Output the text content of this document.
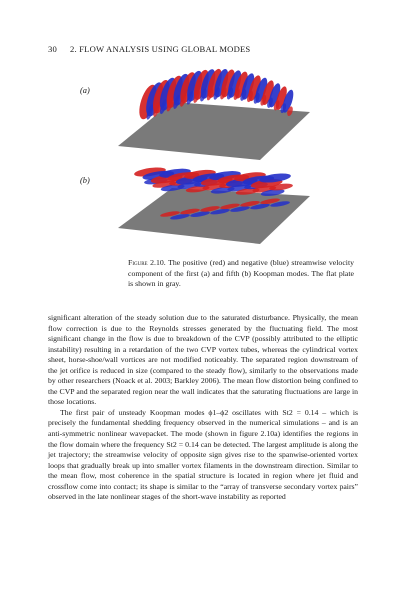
30 2. FLOW ANALYSIS USING GLOBAL MODES
(a)
(b)
Figure 2.10. The positive (red) and negative (blue) streamwise velocity component of the first (a) and fifth (b) Koopman modes. The flat plate is shown in gray.

significant alteration of the steady solution due to the saturated disturbance. Physically, the mean flow correction is due to the Reynolds stresses generated by the fluctuating field. The most significant change in the flow is due to breakdown of the CVP (possibly attributed to the elliptic instability) resulting in a retardation of the two CVP vortex tubes, whereas the cylindrical vortex sheet, horse-shoe/wall vortices are not modified noticeably. The separated region downstream of the jet orifice is reduced in size (compared to the steady flow), similarly to the observations made by other researchers (Noack et al. 2003; Barkley 2006). The mean flow distortion being confined to the CVP and the separated region near the wall indicates that the saturating fluctuations are large in those locations.

The first pair of unsteady Koopman modes ϕ1–ϕ2 oscillates with St2 = 0.14 – which is precisely the fundamental shedding frequency observed in the numerical simulations – and is an anti-symmetric nonlinear wavepacket. The mode (shown in figure 2.10a) identifies the regions in the flow domain where the frequency St2 = 0.14 can be detected. The largest amplitude is along the jet trajectory; the streamwise velocity of opposite sign gives rise to the spanwise-oriented vortex loops that gradually break up into smaller vortex filaments in the downstream direction. Similar to the mean flow, most coherence in the spatial structure is located in region where jet fluid and crossflow come into contact; its shape is similar to the “array of transverse secondary vortex pairs” observed in the late nonlinear stages of the short-wave instability as reported
